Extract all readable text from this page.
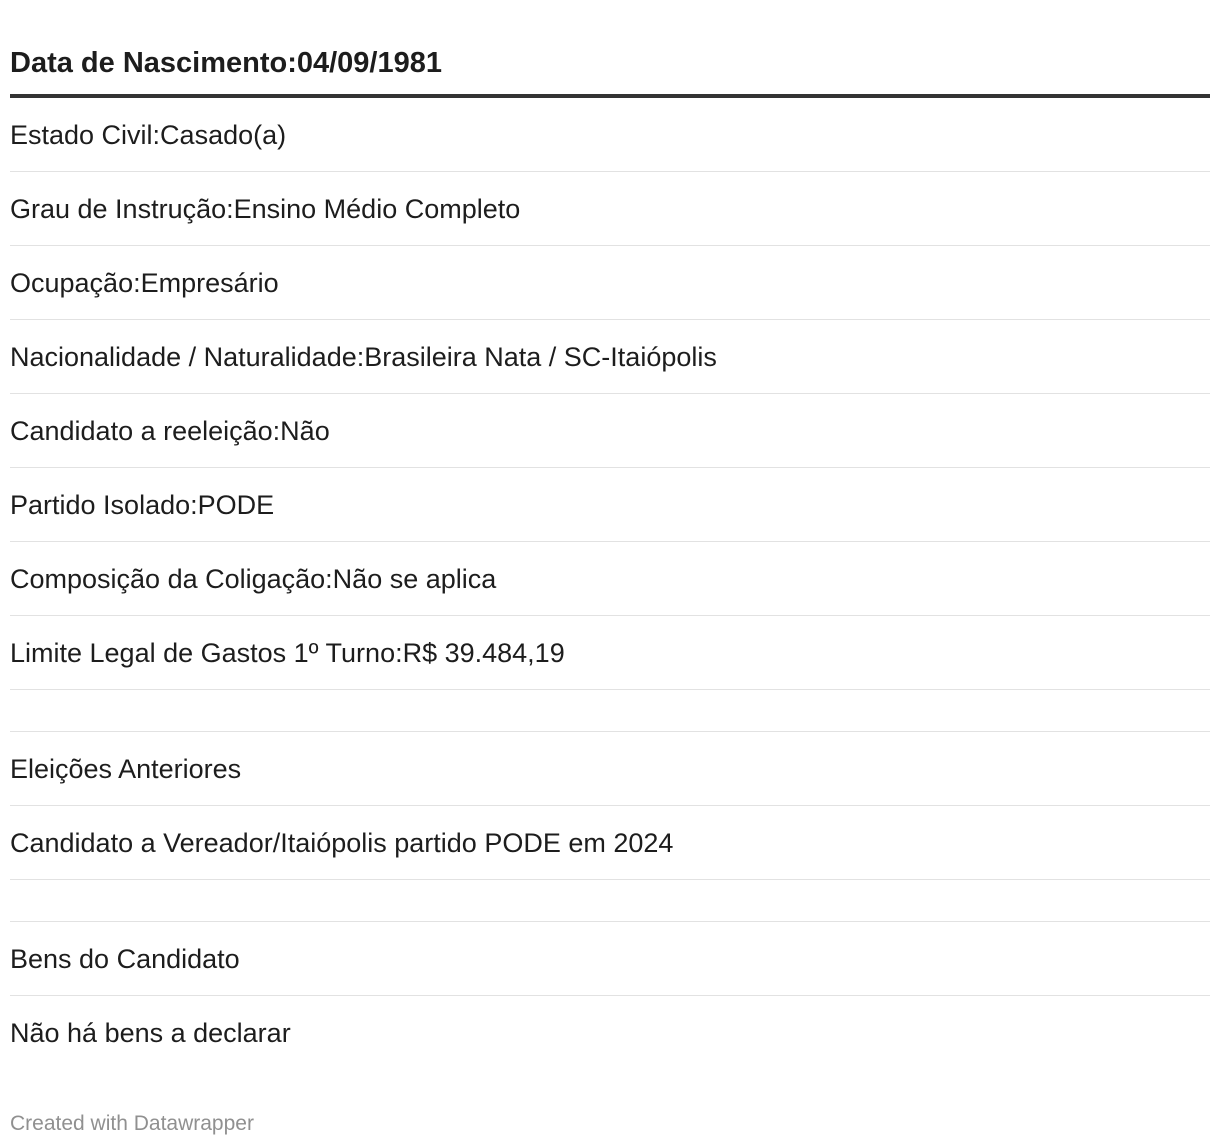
Data de Nascimento:04/09/1981
Estado Civil:Casado(a)
Grau de Instrução:Ensino Médio Completo
Ocupação:Empresário
Nacionalidade / Naturalidade:Brasileira Nata / SC-Itaiópolis
Candidato a reeleição:Não
Partido Isolado:PODE
Composição da Coligação:Não se aplica
Limite Legal de Gastos 1º Turno:R$ 39.484,19
Eleições Anteriores
Candidato a Vereador/Itaiópolis partido PODE em 2024
Bens do Candidato
Não há bens a declarar
Created with Datawrapper
